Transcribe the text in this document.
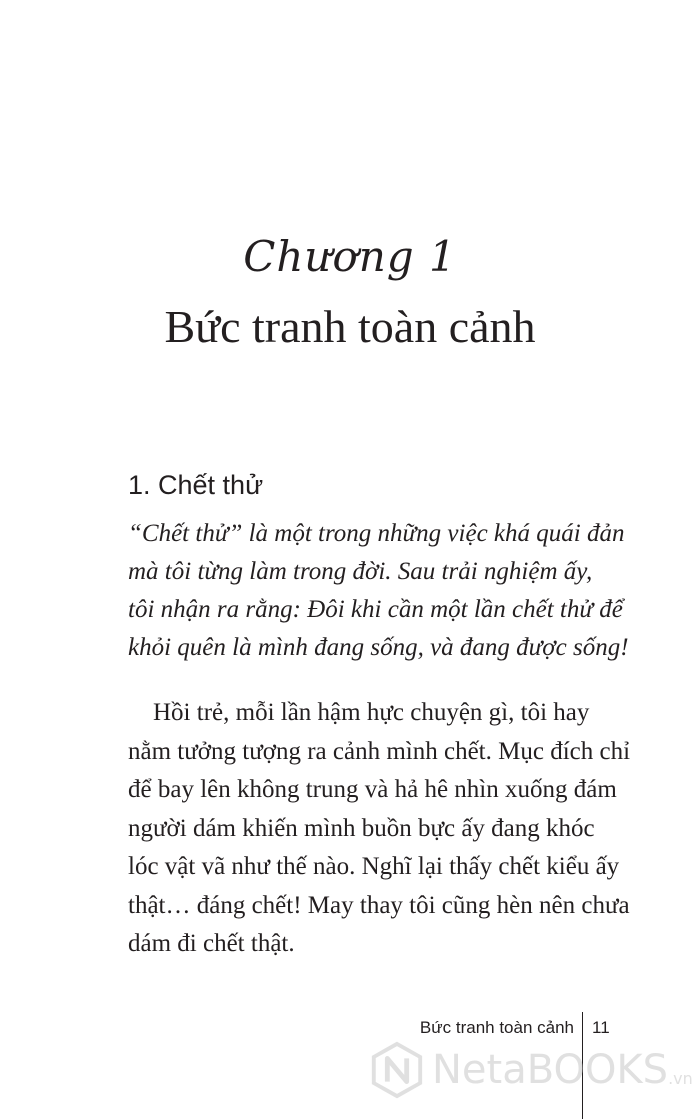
Chương 1
Bức tranh toàn cảnh
1. Chết thử
“Chết thử” là một trong những việc khá quái đản
mà tôi từng làm trong đời. Sau trải nghiệm ấy,
tôi nhận ra rằng: Đôi khi cần một lần chết thử để
khỏi quên là mình đang sống, và đang được sống!
Hồi trẻ, mỗi lần hậm hực chuyện gì, tôi hay
nằm tưởng tượng ra cảnh mình chết. Mục đích chỉ
để bay lên không trung và hả hê nhìn xuống đám
người dám khiến mình buồn bực ấy đang khóc
lóc vật vã như thế nào. Nghĩ lại thấy chết kiểu ấy
thật… đáng chết! May thay tôi cũng hèn nên chưa
dám đi chết thật.
Bức tranh toàn cảnh 11
NetaBOOKS .vn
